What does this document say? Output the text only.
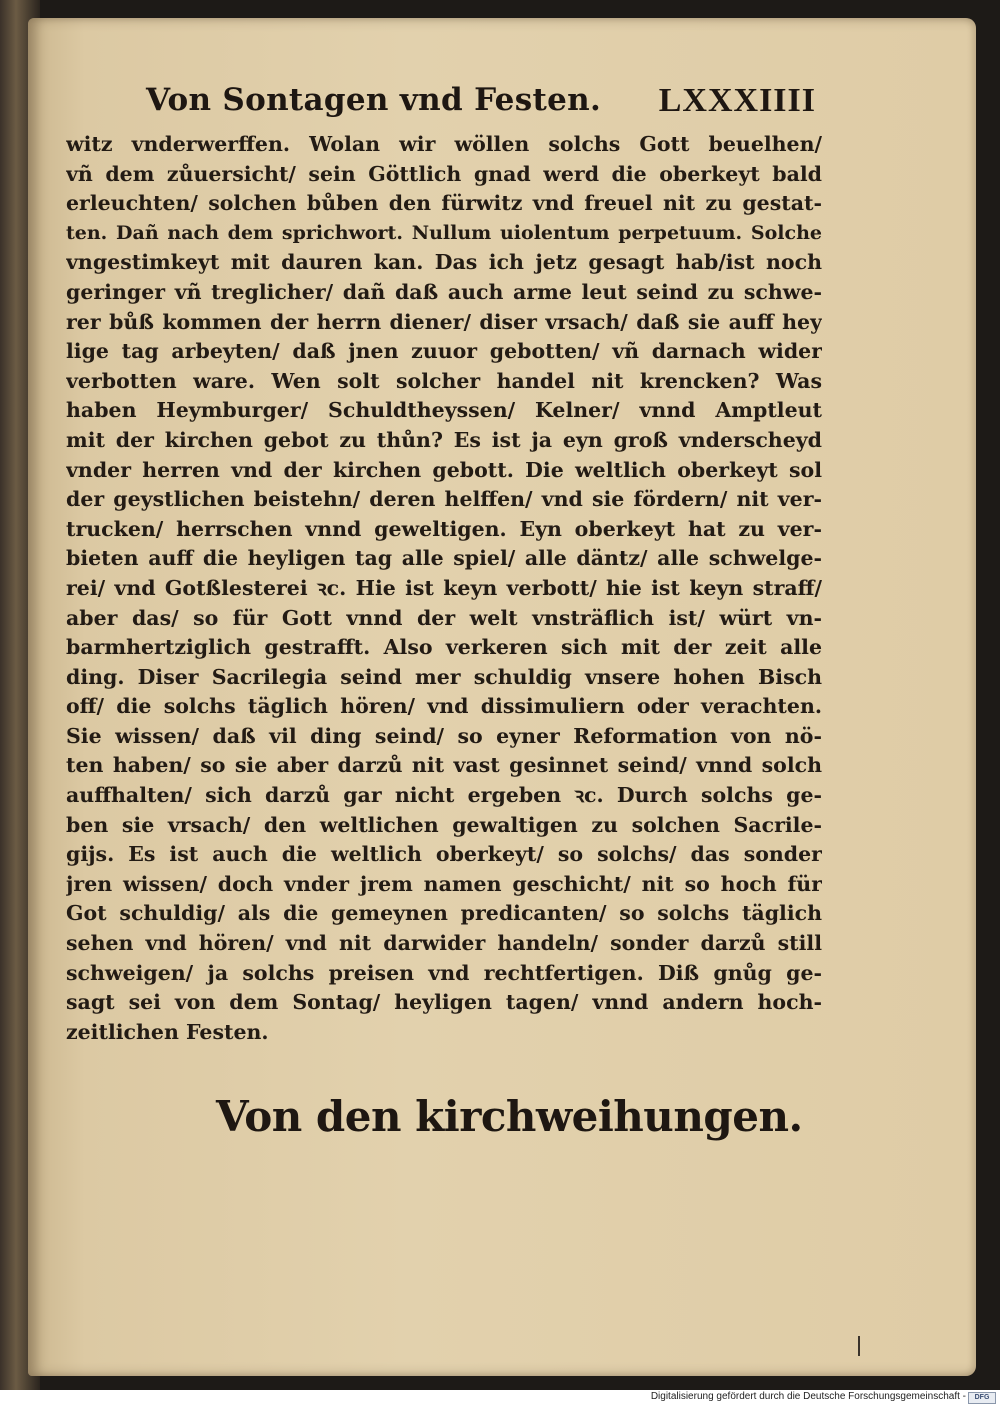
Von Sontagen vnd Festen. LXXXIIII
witz vnderwerffen. Wolan wir wöllen solchs Gott beuelhen/
vñ dem zůuersicht/ sein Göttlich gnad werd die oberkeyt bald
erleuchten/ solchen bůben den fürwitz vnd freuel nit zu gestat-
ten. Dañ nach dem sprichwort. Nullum uiolentum perpetuum. Solche
vngestimkeyt mit dauren kan. Das ich jetz gesagt hab/ist noch
geringer vñ treglicher/ dañ daß auch arme leut seind zu schwe-
rer bůß kommen der herrn diener/ diser vrsach/ daß sie auff hey
lige tag arbeyten/ daß jnen zuuor gebotten/ vñ darnach wider
verbotten ware. Wen solt solcher handel nit krencken? Was
haben Heymburger/ Schuldtheyssen/ Kelner/ vnnd Amptleut
mit der kirchen gebot zu thůn? Es ist ja eyn groß vnderscheyd
vnder herren vnd der kirchen gebott. Die weltlich oberkeyt sol
der geystlichen beistehn/ deren helffen/ vnd sie fördern/ nit ver-
trucken/ herrschen vnnd geweltigen. Eyn oberkeyt hat zu ver-
bieten auff die heyligen tag alle spiel/ alle däntz/ alle schwelge-
rei/ vnd Gotßlesterei ꝛc. Hie ist keyn verbott/ hie ist keyn straff/
aber das/ so für Gott vnnd der welt vnsträflich ist/ würt vn-
barmhertziglich gestrafft. Also verkeren sich mit der zeit alle
ding. Diser Sacrilegia seind mer schuldig vnsere hohen Bisch
off/ die solchs täglich hören/ vnd dissimuliern oder verachten.
Sie wissen/ daß vil ding seind/ so eyner Reformation von nö-
ten haben/ so sie aber darzů nit vast gesinnet seind/ vnnd solch
auffhalten/ sich darzů gar nicht ergeben ꝛc. Durch solchs ge-
ben sie vrsach/ den weltlichen gewaltigen zu solchen Sacrile-
gijs. Es ist auch die weltlich oberkeyt/ so solchs/ das sonder
jren wissen/ doch vnder jrem namen geschicht/ nit so hoch für
Got schuldig/ als die gemeynen predicanten/ so solchs täglich
sehen vnd hören/ vnd nit darwider handeln/ sonder darzů still
schweigen/ ja solchs preisen vnd rechtfertigen. Diß gnůg ge-
sagt sei von dem Sontag/ heyligen tagen/ vnnd andern hoch-
zeitlichen Festen.
Von den kirchweihungen.
Digitalisierung gefördert durch die Deutsche Forschungsgemeinschaft -	DFG
